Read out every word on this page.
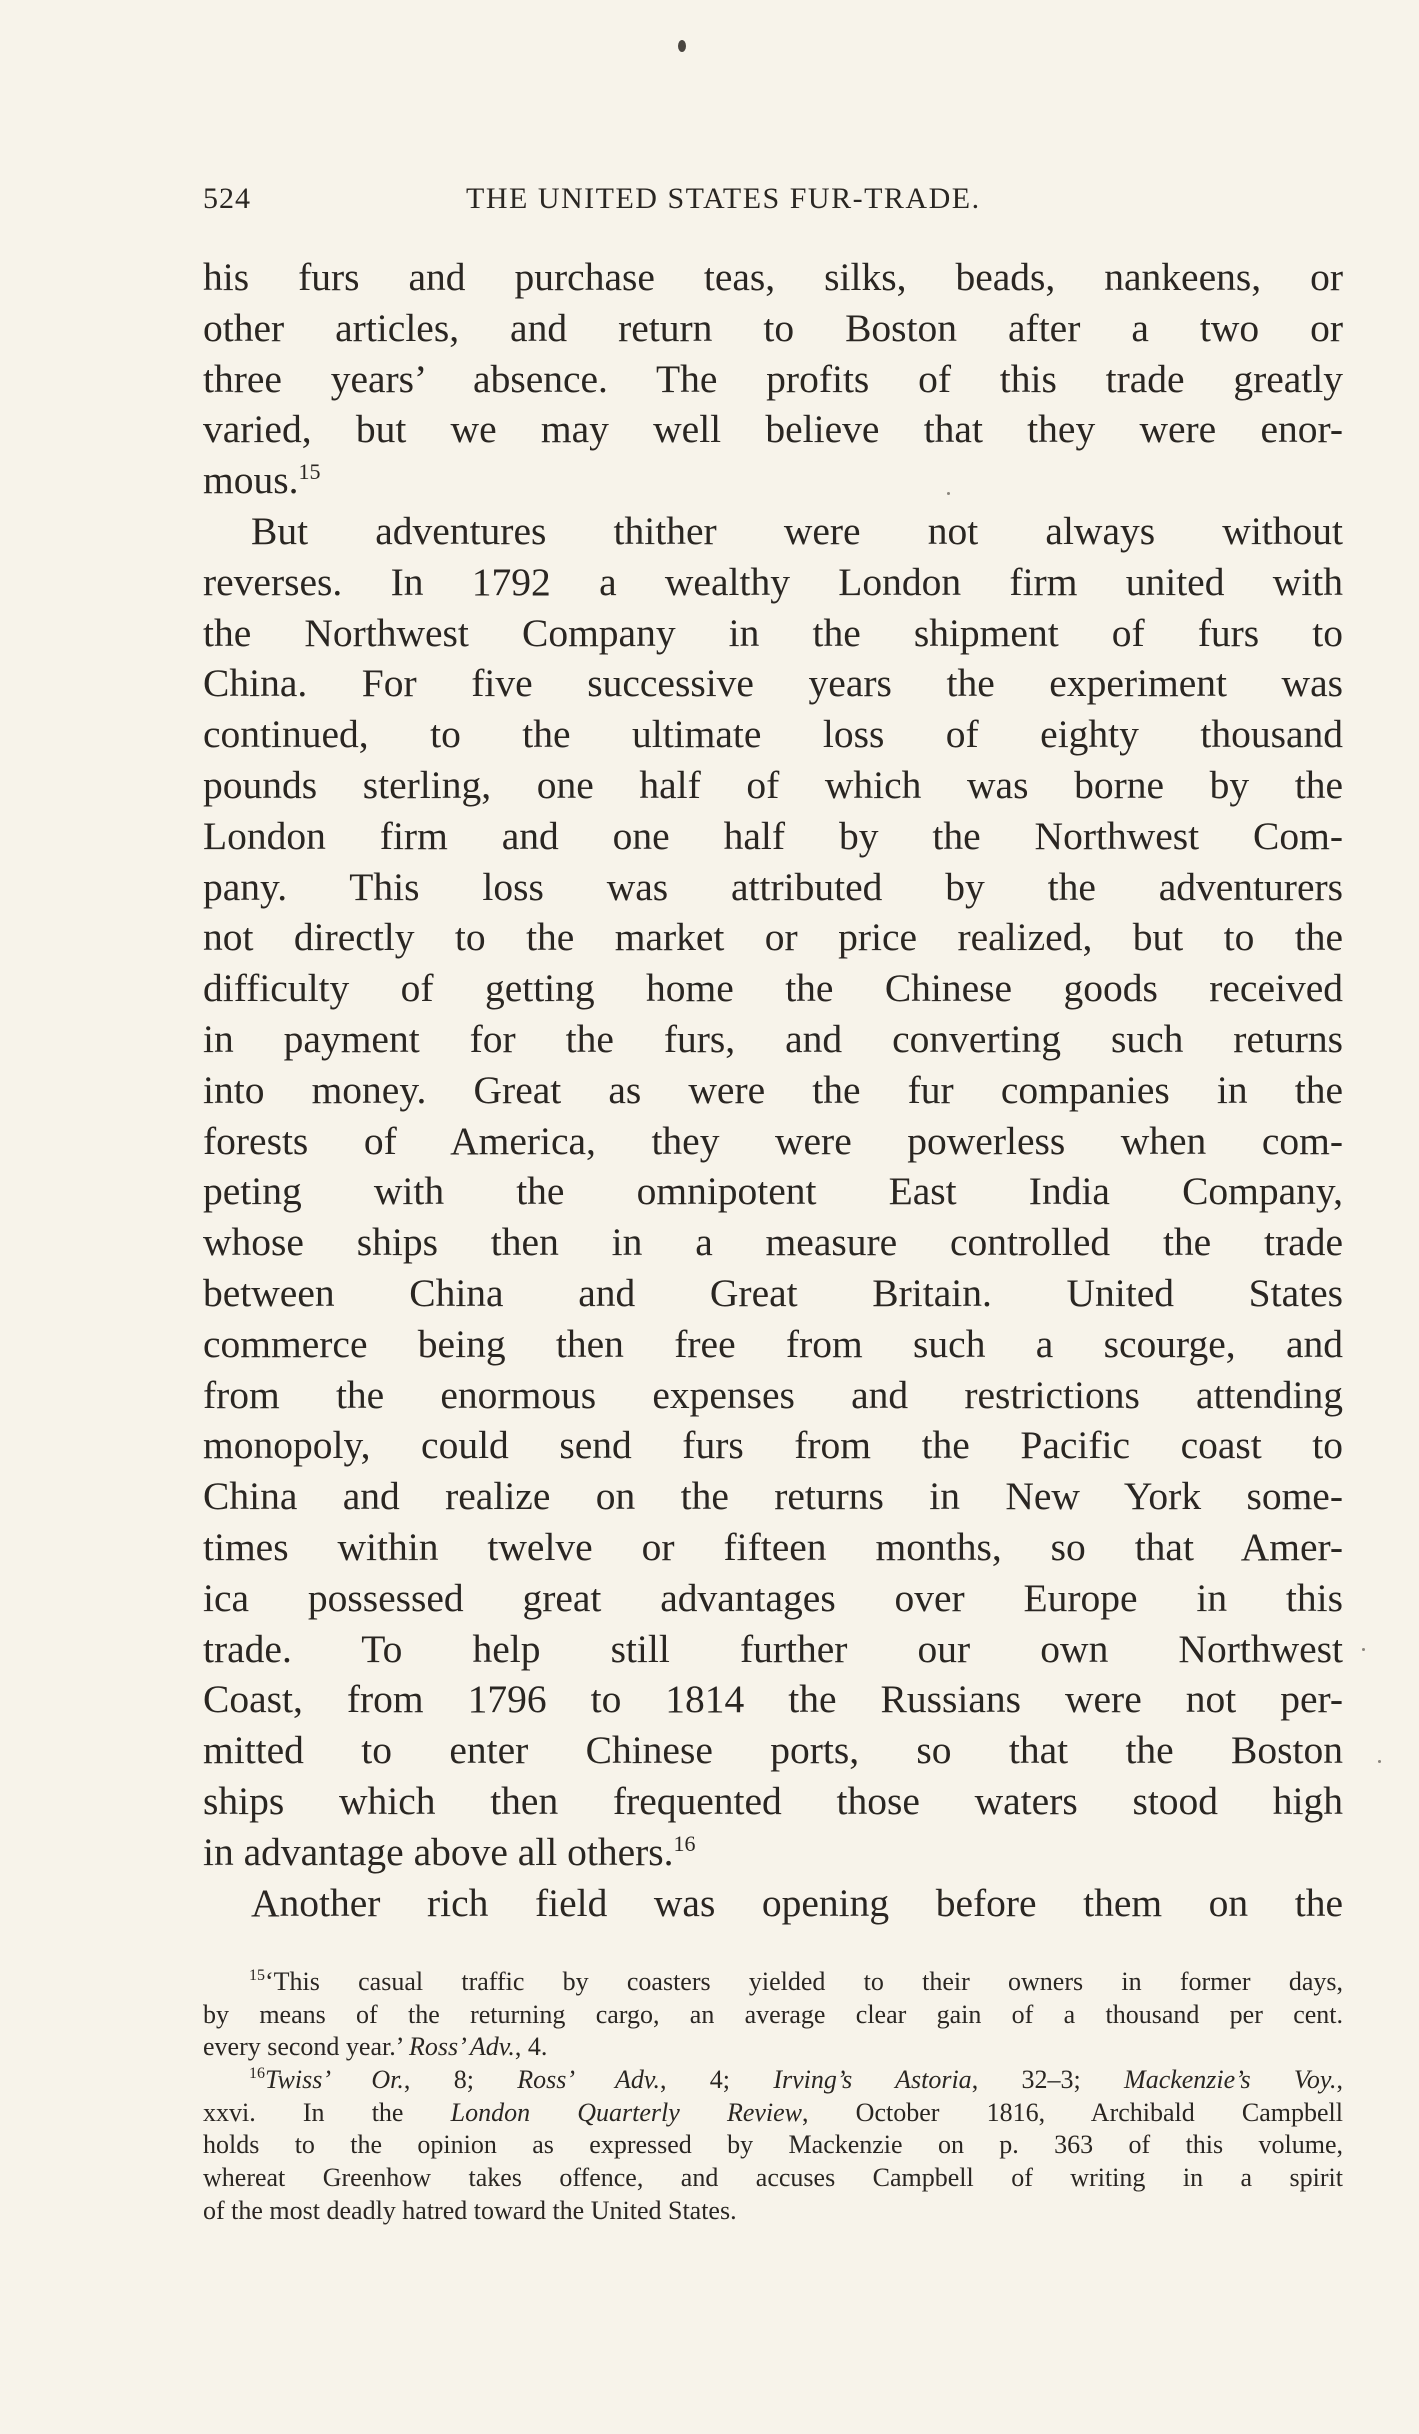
524	THE UNITED STATES FUR-TRADE.
his furs and purchase teas, silks, beads, nankeens, or
other articles, and return to Boston after a two or
three years’ absence. The profits of this trade greatly
varied, but we may well believe that they were enor-
mous.$^{15}$
But adventures thither were not always without
reverses. In 1792 a wealthy London firm united with
the Northwest Company in the shipment of furs to
China. For five successive years the experiment was
continued, to the ultimate loss of eighty thousand
pounds sterling, one half of which was borne by the
London firm and one half by the Northwest Com-
pany. This loss was attributed by the adventurers
not directly to the market or price realized, but to the
difficulty of getting home the Chinese goods received
in payment for the furs, and converting such returns
into money. Great as were the fur companies in the
forests of America, they were powerless when com-
peting with the omnipotent East India Company,
whose ships then in a measure controlled the trade
between China and Great Britain. United States
commerce being then free from such a scourge, and
from the enormous expenses and restrictions attending
monopoly, could send furs from the Pacific coast to
China and realize on the returns in New York some-
times within twelve or fifteen months, so that Amer-
ica possessed great advantages over Europe in this
trade. To help still further our own Northwest
Coast, from 1796 to 1814 the Russians were not per-
mitted to enter Chinese ports, so that the Boston
ships which then frequented those waters stood high
in advantage above all others.$^{16}$
Another rich field was opening before them on the
$^{15}$‘This casual traffic by coasters yielded to their owners in former days,
by means of the returning cargo, an average clear gain of a thousand per cent.
every second year.’ Ross’ Adv., 4.
$^{16}$Twiss’ Or., 8; Ross’ Adv., 4; Irving’s Astoria, 32–3; Mackenzie’s Voy.,
xxvi. In the London Quarterly Review, October 1816, Archibald Campbell
holds to the opinion as expressed by Mackenzie on p. 363 of this volume,
whereat Greenhow takes offence, and accuses Campbell of writing in a spirit
of the most deadly hatred toward the United States.
